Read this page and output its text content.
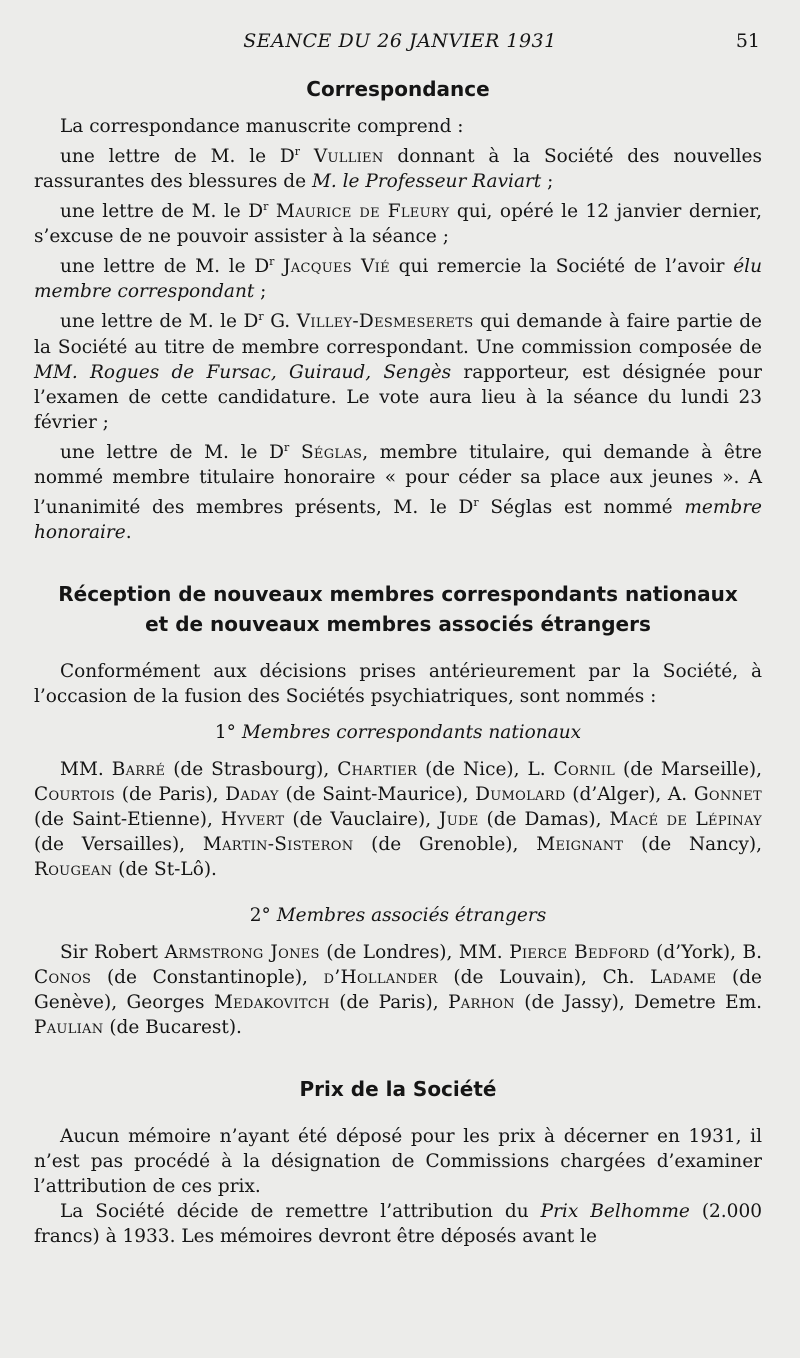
SEANCE DU 26 JANVIER 1931	51
Correspondance

La correspondance manuscrite comprend :

une lettre de M. le $D^r$ Vullien donnant à la Société des nouvelles rassurantes des blessures de M. le Professeur Raviart ;

une lettre de M. le $D^r$ Maurice de Fleury qui, opéré le 12 janvier dernier, s’excuse de ne pouvoir assister à la séance ;

une lettre de M. le $D^r$ Jacques Vié qui remercie la Société de l’avoir élu membre correspondant ;

une lettre de M. le $D^r$ G. Villey-Desmeserets qui demande à faire partie de la Société au titre de membre correspondant. Une commission composée de MM. Rogues de Fursac, Guiraud, Sengès rapporteur, est désignée pour l’examen de cette candidature. Le vote aura lieu à la séance du lundi 23 février ;

une lettre de M. le $D^r$ Séglas, membre titulaire, qui demande à être nommé membre titulaire honoraire « pour céder sa place aux jeunes ». A l’unanimité des membres présents, M. le $D^r$ Séglas est nommé membre honoraire.

Réception de nouveaux membres correspondants nationaux
et de nouveaux membres associés étrangers

Conformément aux décisions prises antérieurement par la Société, à l’occasion de la fusion des Sociétés psychiatriques, sont nommés :

1° Membres correspondants nationaux

MM. Barré (de Strasbourg), Chartier (de Nice), L. Cornil (de Marseille), Courtois (de Paris), Daday (de Saint-Maurice), Dumolard (d’Alger), A. Gonnet (de Saint-Etienne), Hyvert (de Vauclaire), Jude (de Damas), Macé de Lépinay (de Versailles), Martin-Sisteron (de Grenoble), Meignant (de Nancy), Rougean (de St-Lô).

2° Membres associés étrangers

Sir Robert Armstrong Jones (de Londres), MM. Pierce Bedford (d’York), B. Conos (de Constantinople), d’Hollander (de Louvain), Ch. Ladame (de Genève), Georges Medakovitch (de Paris), Parhon (de Jassy), Demetre Em. Paulian (de Bucarest).

Prix de la Société

Aucun mémoire n’ayant été déposé pour les prix à décerner en 1931, il n’est pas procédé à la désignation de Commissions chargées d’examiner l’attribution de ces prix.

La Société décide de remettre l’attribution du Prix Belhomme (2.000 francs) à 1933. Les mémoires devront être déposés avant le
